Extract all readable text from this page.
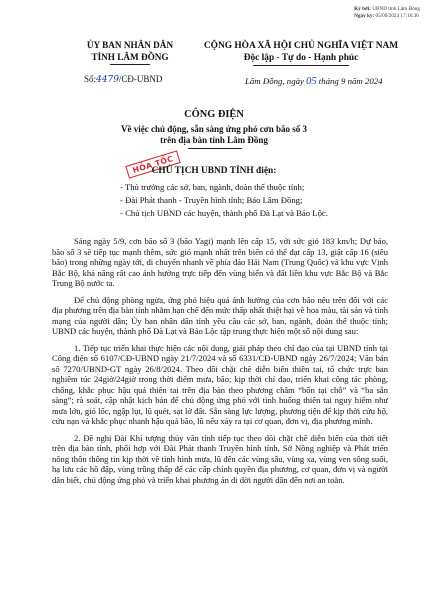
Ký bởi: UBND tỉnh Lâm Đồng
Ngày ký: 05/09/2024 17:16:36
ỦY BAN NHÂN DÂN
TỈNH LÂM ĐỒNG
CỘNG HÒA XÃ HỘI CHỦ NGHĨA VIỆT NAM
Độc lập - Tự do - Hạnh phúc
Số:4479/CĐ-UBND	Lâm Đồng, ngày 05 tháng 9 năm 2024
CÔNG ĐIỆN
Về việc chủ động, sẵn sàng ứng phó cơn bão số 3
trên địa bàn tỉnh Lâm Đồng
HỎA TỐC
CHỦ TỊCH UBND TỈNH điện:
- Thủ trưởng các sở, ban, ngành, đoàn thể thuộc tỉnh;
- Đài Phát thanh - Truyền hình tỉnh; Báo Lâm Đồng;
- Chủ tịch UBND các huyện, thành phố Đà Lạt và Bảo Lộc.

Sáng ngày 5/9, cơn bão số 3 (bão Yagi) mạnh lên cấp 15, với sức gió 183 km/h; Dự báo, bão số 3 sẽ tiếp tục mạnh thêm, sức gió mạnh nhất trên biển có thể đạt cấp 13, giật cấp 16 (siêu bão) trong những ngày tới, di chuyển nhanh về phía đảo Hải Nam (Trung Quốc) và khu vực Vịnh Bắc Bộ, khả năng rất cao ảnh hưởng trực tiếp đến vùng biển và đất liền khu vực Bắc Bộ và Bắc Trung Bộ nước ta.

Để chủ động phòng ngừa, ứng phó hiệu quả ảnh hưởng của cơn bão nêu trên đối với các địa phương trên địa bàn tỉnh nhằm hạn chế đến mức thấp nhất thiệt hại về hoa màu, tài sản và tính mạng của người dân; Ủy ban nhân dân tỉnh yêu cầu các sở, ban, ngành, đoàn thể thuộc tỉnh; UBND các huyện, thành phố Đà Lạt và Bảo Lộc tập trung thực hiện một số nội dung sau:

1. Tiếp tục triển khai thực hiện các nội dung, giải pháp theo chỉ đạo của tại UBND tỉnh tại Công điện số 6107/CĐ-UBND ngày 21/7/2024 và số 6331/CĐ-UBND ngày 26/7/2024; Văn bản số 7270/UBND-GT ngày 26/8/2024. Theo dõi chặt chẽ diễn biến thiên tai, tổ chức trực ban nghiêm túc 24giờ/24giờ trong thời điểm mưa, bão; kịp thời chỉ đạo, triển khai công tác phòng, chống, khắc phục hậu quả thiên tai trên địa bàn theo phương châm “bốn tại chỗ” và “ba sẵn sàng”; rà soát, cập nhật kịch bản để chủ động ứng phó với tình huống thiên tai nguy hiểm như mưa lớn, gió lốc, ngập lụt, lũ quét, sạt lở đất. Sẵn sàng lực lượng, phương tiện để kịp thời cứu hộ, cứu nạn và khắc phục nhanh hậu quả bão, lũ nếu xảy ra tại cơ quan, đơn vị, địa phương mình.

2. Đề nghị Đài Khí tượng thủy văn tỉnh tiếp tục theo dõi chặt chẽ diễn biến của thời tiết trên địa bàn tỉnh, phối hợp với Đài Phát thanh Truyền hình tỉnh, Sở Nông nghiệp và Phát triển nông thôn thông tin kịp thời về tình hình mưa, lũ đến các vùng sâu, vùng xa, vùng ven sông suối, hạ lưu các hồ đập, vùng trũng thấp để các cấp chính quyền địa phương, cơ quan, đơn vị và người dân biết, chủ động ứng phó và triển khai phương án di dời người dân đến nơi an toàn.
